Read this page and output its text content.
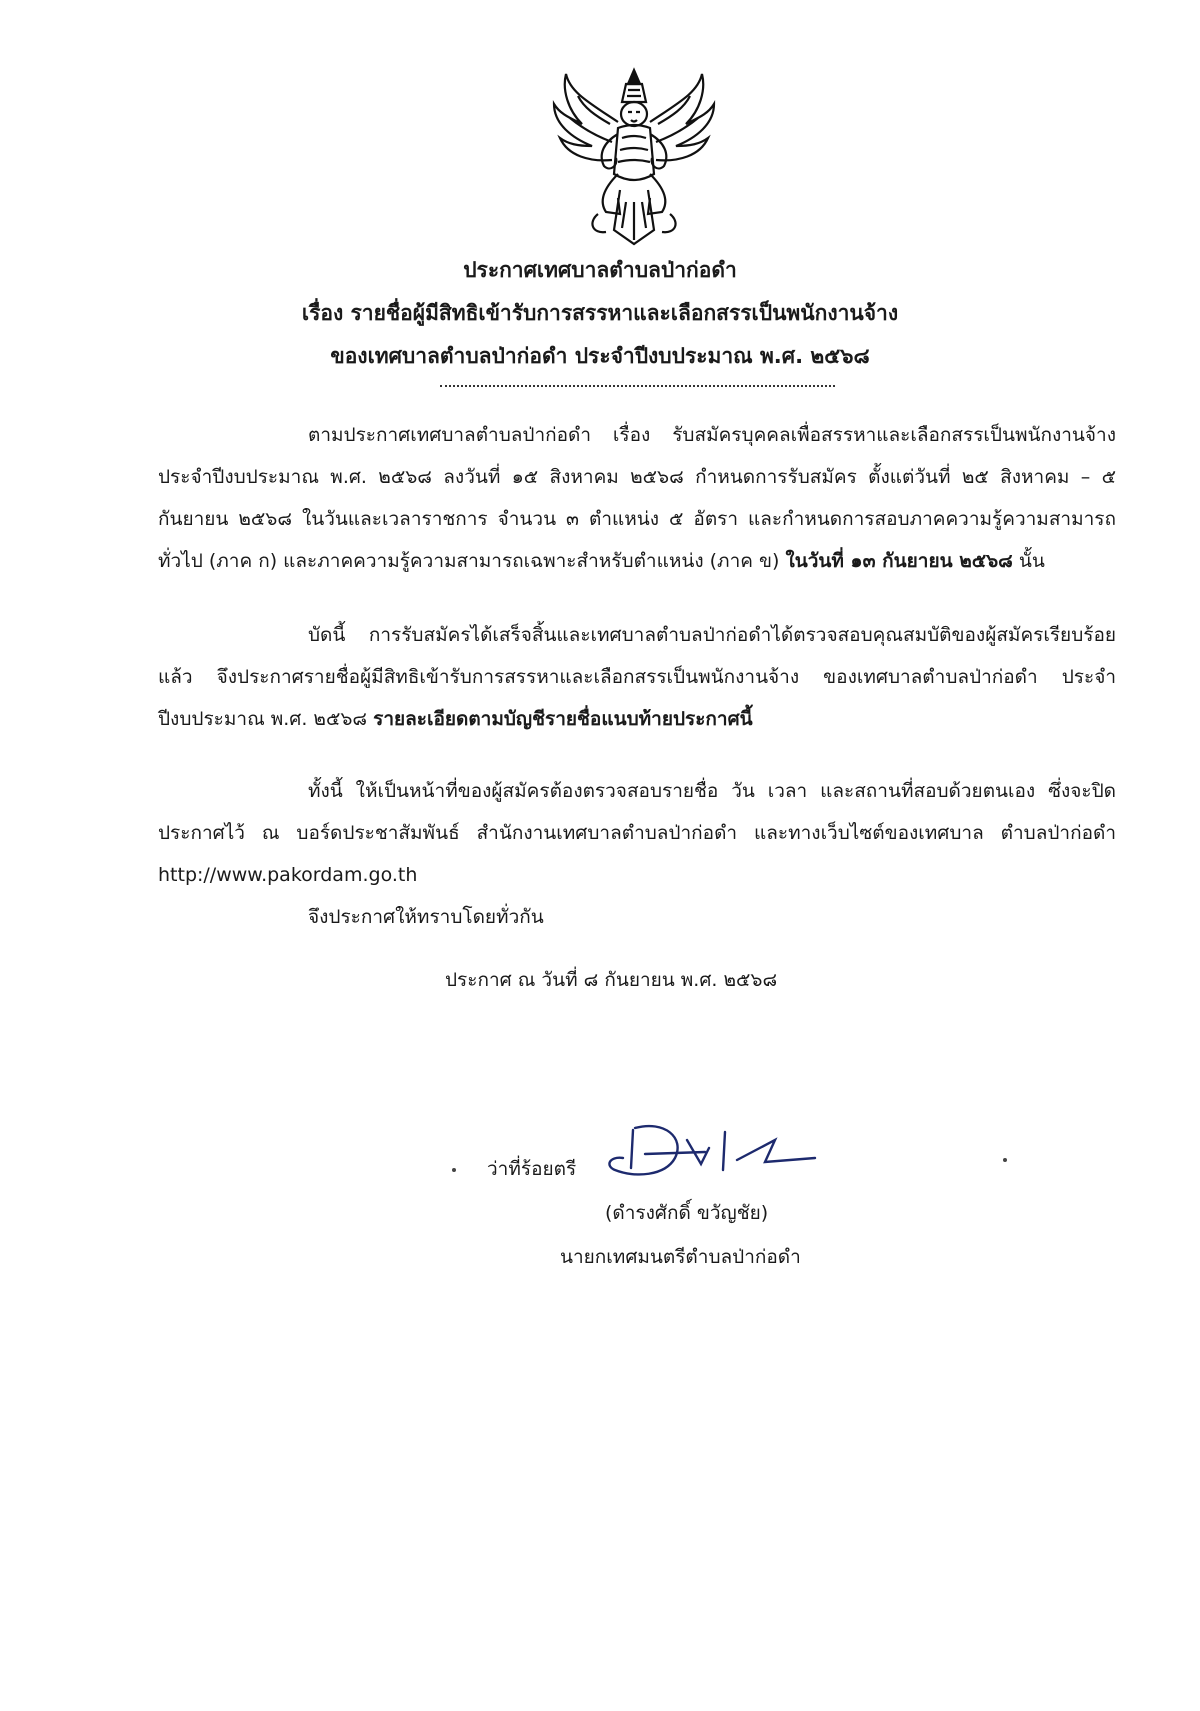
ประกาศเทศบาลตำบลป่าก่อดำ
เรื่อง รายชื่อผู้มีสิทธิเข้ารับการสรรหาและเลือกสรรเป็นพนักงานจ้าง
ของเทศบาลตำบลป่าก่อดำ ประจำปีงบประมาณ พ.ศ. ๒๕๖๘
ตามประกาศเทศบาลตำบลป่าก่อดำ เรื่อง รับสมัครบุคคลเพื่อสรรหาและเลือกสรรเป็นพนักงานจ้าง ประจำปีงบประมาณ พ.ศ. ๒๕๖๘ ลงวันที่ ๑๕ สิงหาคม ๒๕๖๘ กำหนดการรับสมัคร ตั้งแต่วันที่ ๒๕ สิงหาคม – ๕ กันยายน ๒๕๖๘ ในวันและเวลาราชการ จำนวน ๓ ตำแหน่ง ๕ อัตรา และกำหนดการสอบภาคความรู้ความสามารถทั่วไป (ภาค ก) และภาคความรู้ความสามารถเฉพาะสำหรับตำแหน่ง (ภาค ข) ในวันที่ ๑๓ กันยายน ๒๕๖๘ นั้น
บัดนี้ การรับสมัครได้เสร็จสิ้นและเทศบาลตำบลป่าก่อดำได้ตรวจสอบคุณสมบัติของผู้สมัครเรียบร้อยแล้ว จึงประกาศรายชื่อผู้มีสิทธิเข้ารับการสรรหาและเลือกสรรเป็นพนักงานจ้าง ของเทศบาลตำบลป่าก่อดำ ประจำปีงบประมาณ พ.ศ. ๒๕๖๘ รายละเอียดตามบัญชีรายชื่อแนบท้ายประกาศนี้
ทั้งนี้ ให้เป็นหน้าที่ของผู้สมัครต้องตรวจสอบรายชื่อ วัน เวลา และสถานที่สอบด้วยตนเอง ซึ่งจะปิดประกาศไว้ ณ บอร์ดประชาสัมพันธ์ สำนักงานเทศบาลตำบลป่าก่อดำ และทางเว็บไซต์ของเทศบาล ตำบลป่าก่อดำ http://www.pakordam.go.th
จึงประกาศให้ทราบโดยทั่วกัน
ประกาศ ณ วันที่ ๘ กันยายน พ.ศ. ๒๕๖๘
ว่าที่ร้อยตรี
(ดำรงศักดิ์ ขวัญชัย)
นายกเทศมนตรีตำบลป่าก่อดำ
